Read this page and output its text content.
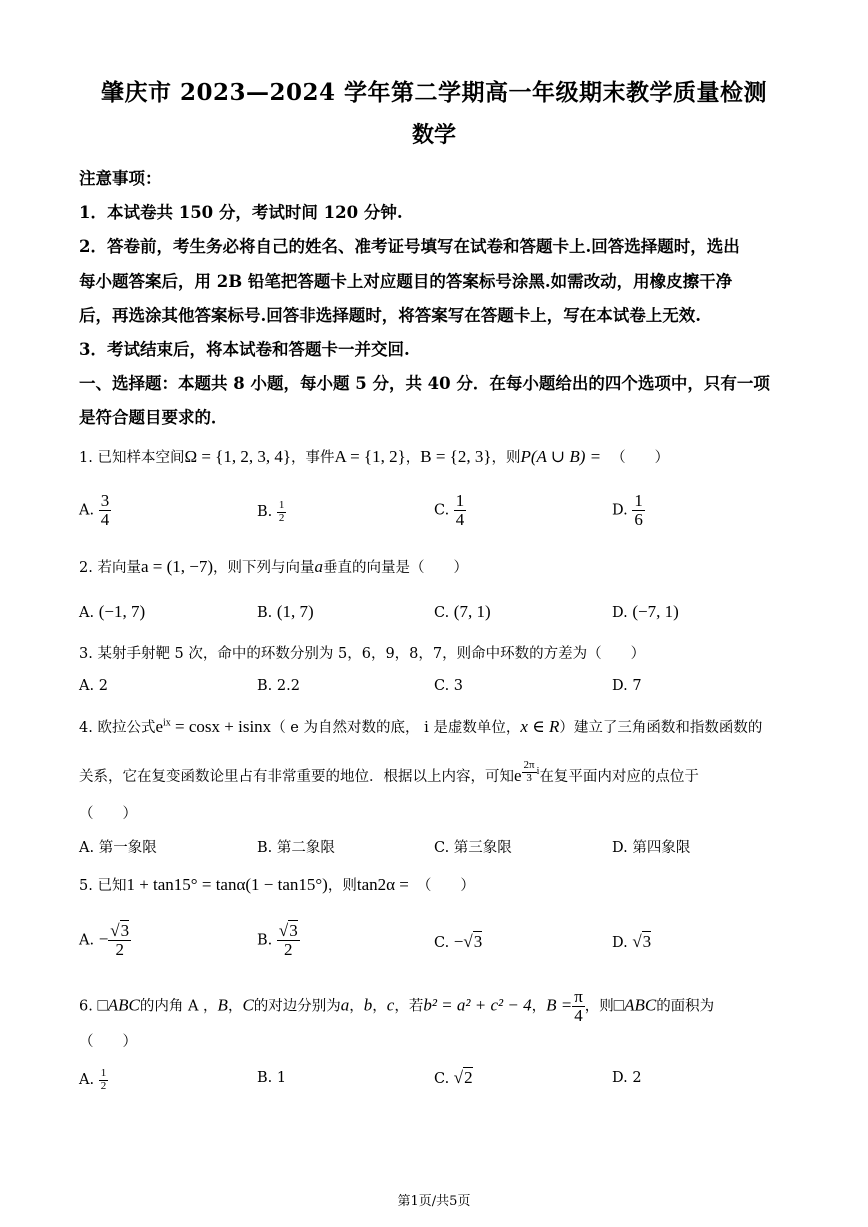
肇庆市 2023—2024 学年第二学期高一年级期末教学质量检测
数学
注意事项：
1．本试卷共 150 分，考试时间 120 分钟.
2．答卷前，考生务必将自己的姓名、准考证号填写在试卷和答题卡上.回答选择题时，选出
每小题答案后，用 2B 铅笔把答题卡上对应题目的答案标号涂黑.如需改动，用橡皮擦干净
后，再选涂其他答案标号.回答非选择题时，将答案写在答题卡上，写在本试卷上无效.
3．考试结束后，将本试卷和答题卡一并交回.
一、选择题：本题共 8 小题，每小题 5 分，共 40 分．在每小题给出的四个选项中，只有一项
是符合题目要求的．
1. 已知样本空间Ω = {1, 2, 3, 4}，事件A = {1, 2}，B = {2, 3}，则P(A ∪ B) = （　　）
A. $\frac{3}{4}$	B. $\frac{1}{2}$	C. $\frac{1}{4}$	D. $\frac{1}{6}$
2. 若向量a = (1, −7)，则下列与向量a垂直的向量是（　　）
A. (−1, 7)	B. (1, 7)	C. (7, 1)	D. (−7, 1)
3. 某射手射靶 5 次，命中的环数分别为 5，6，9，8，7，则命中环数的方差为（　　）
A. 2	B. 2.2	C. 3	D. 7
4. 欧拉公式$e^{ix} = \cos x + isinx$（ e 为自然对数的底， i 是虚数单位，x ∈ R）建立了三角函数和指数函数的
关系，它在复变函数论里占有非常重要的地位．根据以上内容，可知e $^{\frac{2\pi}{3} i}$在复平面内对应的点位于
（　　）
A. 第一象限	B. 第二象限	C. 第三象限	D. 第四象限
5. 已知1 + tan15° = tanα(1 − tan15°)，则tan2α = （　　）
A. − $\frac{√3}{2}$	B. $\frac{√3}{2}$	C. −√3	D. √3
6. □ABC的内角 A ，B，C的对边分别为a，b，c，若b² = a² + c² − 4，$B = \frac{\pi}{4}$ ，则□ABC的面积为
（　　）
A. $\frac{1}{2}$	B. 1	C. √2	D. 2
第1页/共5页
